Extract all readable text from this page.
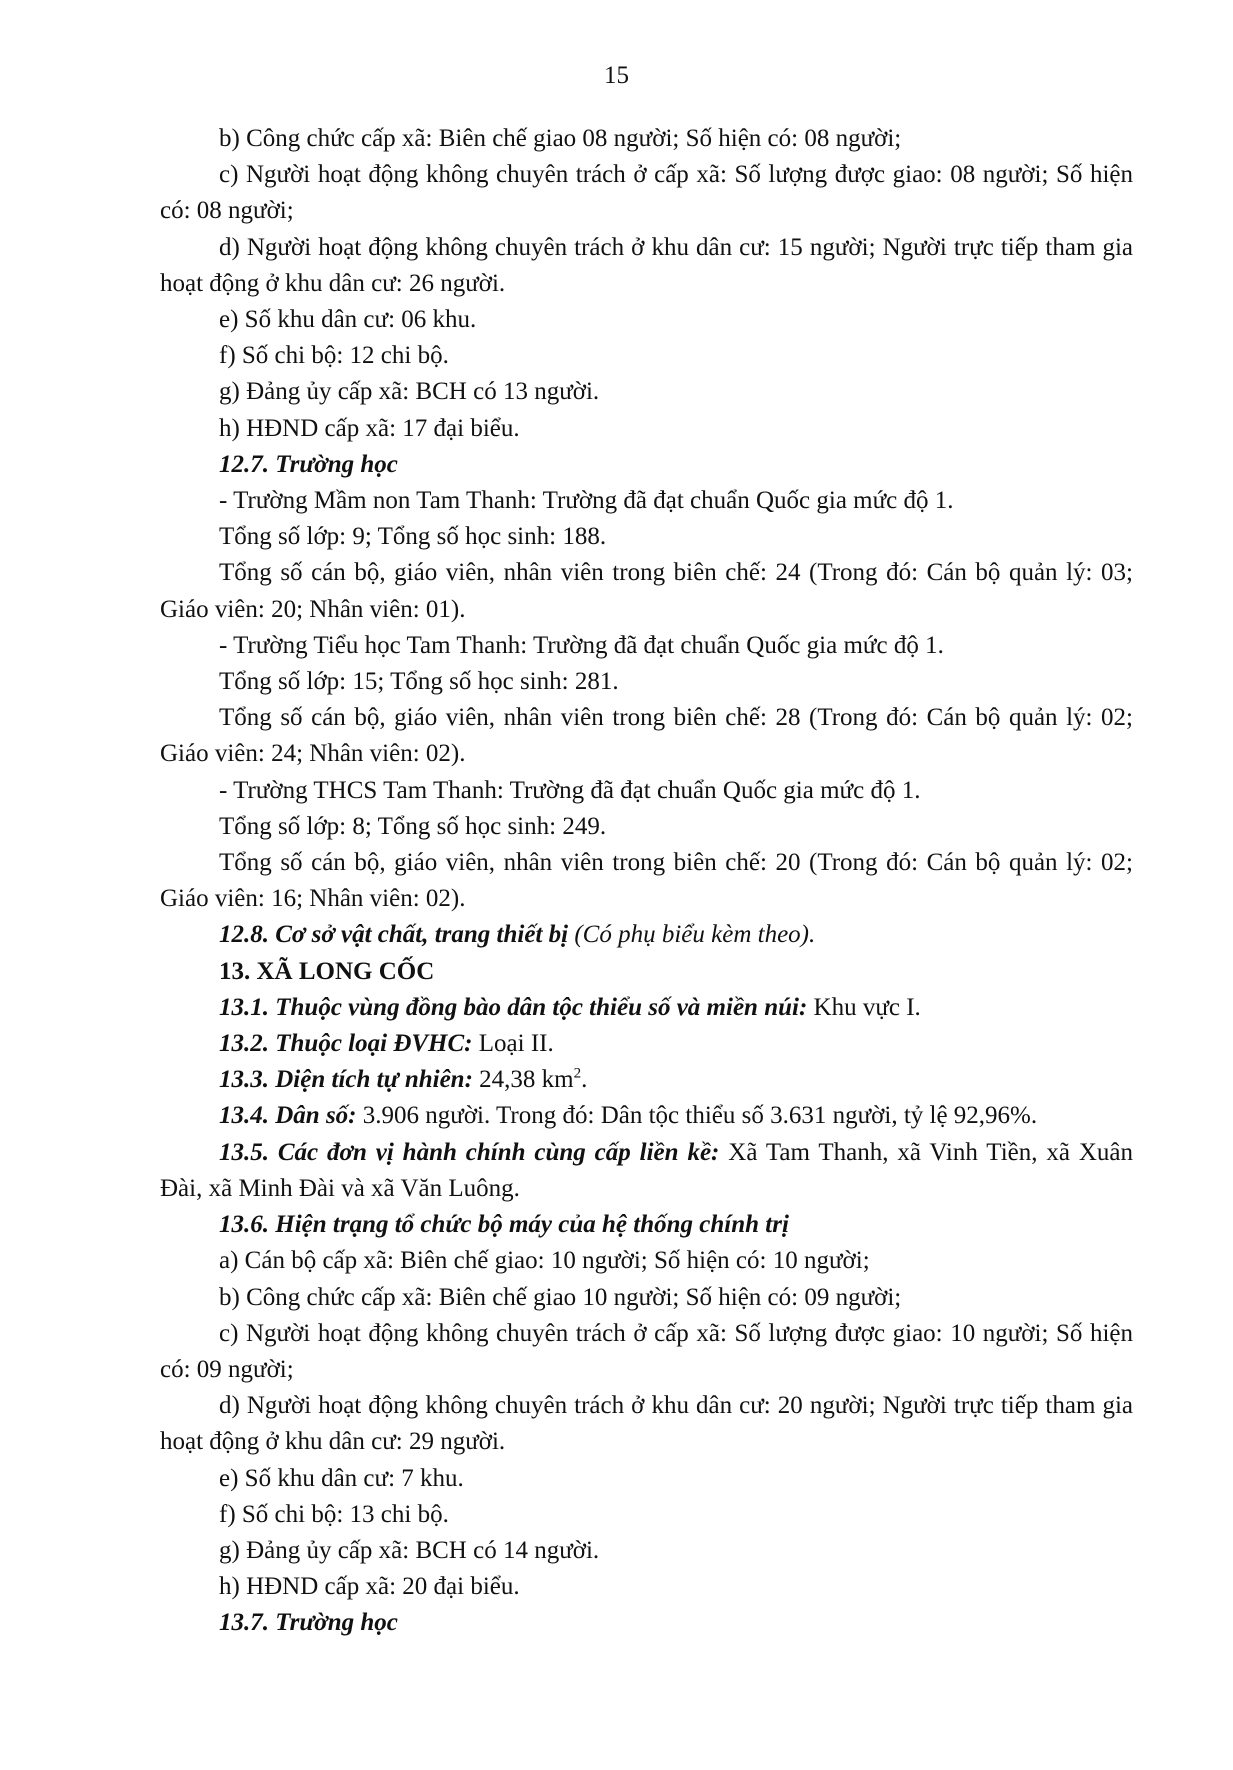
15

b) Công chức cấp xã: Biên chế giao 08 người; Số hiện có: 08 người;

c) Người hoạt động không chuyên trách ở cấp xã: Số lượng được giao: 08 người; Số hiện có: 08 người;

d) Người hoạt động không chuyên trách ở khu dân cư: 15 người; Người trực tiếp tham gia hoạt động ở khu dân cư: 26 người.

e) Số khu dân cư: 06 khu.

f) Số chi bộ: 12 chi bộ.

g) Đảng ủy cấp xã: BCH có 13 người.

h) HĐND cấp xã: 17 đại biểu.

12.7. Trường học

- Trường Mầm non Tam Thanh: Trường đã đạt chuẩn Quốc gia mức độ 1.

Tổng số lớp: 9; Tổng số học sinh: 188.

Tổng số cán bộ, giáo viên, nhân viên trong biên chế: 24 (Trong đó: Cán bộ quản lý: 03; Giáo viên: 20; Nhân viên: 01).

- Trường Tiểu học Tam Thanh: Trường đã đạt chuẩn Quốc gia mức độ 1.

Tổng số lớp: 15; Tổng số học sinh: 281.

Tổng số cán bộ, giáo viên, nhân viên trong biên chế: 28 (Trong đó: Cán bộ quản lý: 02; Giáo viên: 24; Nhân viên: 02).

- Trường THCS Tam Thanh: Trường đã đạt chuẩn Quốc gia mức độ 1.

Tổng số lớp: 8; Tổng số học sinh: 249.

Tổng số cán bộ, giáo viên, nhân viên trong biên chế: 20 (Trong đó: Cán bộ quản lý: 02; Giáo viên: 16; Nhân viên: 02).

12.8. Cơ sở vật chất, trang thiết bị (Có phụ biểu kèm theo).

13. XÃ LONG CỐC

13.1. Thuộc vùng đồng bào dân tộc thiểu số và miền núi: Khu vực I.

13.2. Thuộc loại ĐVHC: Loại II.

13.3. Diện tích tự nhiên: 24,38 $km^2$.

13.4. Dân số: 3.906 người. Trong đó: Dân tộc thiểu số 3.631 người, tỷ lệ 92,96%.

13.5. Các đơn vị hành chính cùng cấp liền kề: Xã Tam Thanh, xã Vinh Tiền, xã Xuân Đài, xã Minh Đài và xã Văn Luông.

13.6. Hiện trạng tổ chức bộ máy của hệ thống chính trị

a) Cán bộ cấp xã: Biên chế giao: 10 người; Số hiện có: 10 người;

b) Công chức cấp xã: Biên chế giao 10 người; Số hiện có: 09 người;

c) Người hoạt động không chuyên trách ở cấp xã: Số lượng được giao: 10 người; Số hiện có: 09 người;

d) Người hoạt động không chuyên trách ở khu dân cư: 20 người; Người trực tiếp tham gia hoạt động ở khu dân cư: 29 người.

e) Số khu dân cư: 7 khu.

f) Số chi bộ: 13 chi bộ.

g) Đảng ủy cấp xã: BCH có 14 người.

h) HĐND cấp xã: 20 đại biểu.

13.7. Trường học
